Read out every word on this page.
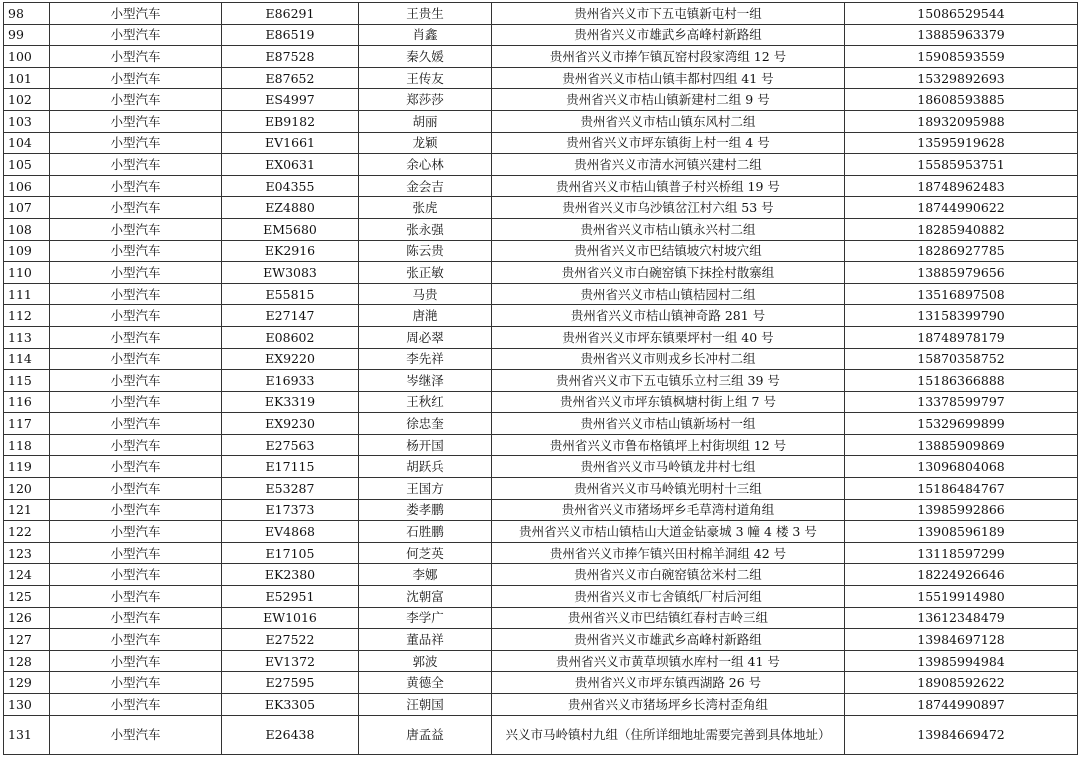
98	小型汽车	E86291	王贵生	贵州省兴义市下五屯镇新屯村一组	15086529544
99	小型汽车	E86519	肖鑫	贵州省兴义市雄武乡高峰村新路组	13885963379
100	小型汽车	E87528	秦久媛	贵州省兴义市捧乍镇瓦窑村段家湾组 12 号	15908593559
101	小型汽车	E87652	王传友	贵州省兴义市桔山镇丰都村四组 41 号	15329892693
102	小型汽车	ES4997	郑莎莎	贵州省兴义市桔山镇新建村二组 9 号	18608593885
103	小型汽车	EB9182	胡丽	贵州省兴义市桔山镇东风村二组	18932095988
104	小型汽车	EV1661	龙颖	贵州省兴义市坪东镇街上村一组 4 号	13595919628
105	小型汽车	EX0631	余心林	贵州省兴义市清水河镇兴建村二组	15585953751
106	小型汽车	E04355	金会吉	贵州省兴义市桔山镇普子村兴桥组 19 号	18748962483
107	小型汽车	EZ4880	张虎	贵州省兴义市乌沙镇岔江村六组 53 号	18744990622
108	小型汽车	EM5680	张永强	贵州省兴义市桔山镇永兴村二组	18285940882
109	小型汽车	EK2916	陈云贵	贵州省兴义市巴结镇坡穴村坡穴组	18286927785
110	小型汽车	EW3083	张正敏	贵州省兴义市白碗窑镇下抹拴村散寨组	13885979656
111	小型汽车	E55815	马贵	贵州省兴义市桔山镇桔园村二组	13516897508
112	小型汽车	E27147	唐滟	贵州省兴义市桔山镇神奇路 281 号	13158399790
113	小型汽车	E08602	周必翠	贵州省兴义市坪东镇栗坪村一组 40 号	18748978179
114	小型汽车	EX9220	李先祥	贵州省兴义市则戎乡长冲村二组	15870358752
115	小型汽车	E16933	岑继泽	贵州省兴义市下五屯镇乐立村三组 39 号	15186366888
116	小型汽车	EK3319	王秋红	贵州省兴义市坪东镇枫塘村街上组 7 号	13378599797
117	小型汽车	EX9230	徐忠奎	贵州省兴义市桔山镇新场村一组	15329699899
118	小型汽车	E27563	杨开国	贵州省兴义市鲁布格镇坪上村街坝组 12 号	13885909869
119	小型汽车	E17115	胡跃兵	贵州省兴义市马岭镇龙井村七组	13096804068
120	小型汽车	E53287	王国方	贵州省兴义市马岭镇光明村十三组	15186484767
121	小型汽车	E17373	娄孝鹏	贵州省兴义市猪场坪乡毛草湾村道角组	13985992866
122	小型汽车	EV4868	石胜鹏	贵州省兴义市桔山镇桔山大道金钻豪城 3 幢 4 楼 3 号	13908596189
123	小型汽车	E17105	何芝英	贵州省兴义市捧乍镇兴田村棉羊洞组 42 号	13118597299
124	小型汽车	EK2380	李娜	贵州省兴义市白碗窑镇岔米村二组	18224926646
125	小型汽车	E52951	沈朝富	贵州省兴义市七舍镇纸厂村后河组	15519914980
126	小型汽车	EW1016	李学广	贵州省兴义市巴结镇红春村吉岭三组	13612348479
127	小型汽车	E27522	董品祥	贵州省兴义市雄武乡高峰村新路组	13984697128
128	小型汽车	EV1372	郭波	贵州省兴义市黄草坝镇水库村一组 41 号	13985994984
129	小型汽车	E27595	黄德全	贵州省兴义市坪东镇西湖路 26 号	18908592622
130	小型汽车	EK3305	汪朝国	贵州省兴义市猪场坪乡长湾村歪角组	18744990897
131	小型汽车	E26438	唐孟益	兴义市马岭镇村九组（住所详细地址需要完善到具体地址）	13984669472
